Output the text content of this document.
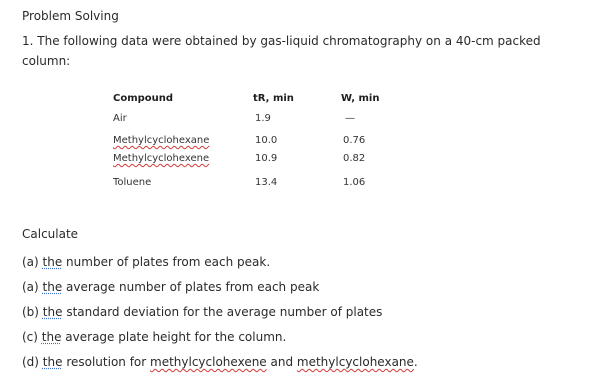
Problem Solving
1. The following data were obtained by gas-liquid chromatography on a 40-cm packed column:
Compound	tR, min	W, min
Air	1.9	—
Methylcyclohexane	10.0	0.76
Methylcyclohexene	10.9	0.82
Toluene	13.4	1.06
Calculate
(a) the number of plates from each peak.
(a) the average number of plates from each peak
(b) the standard deviation for the average number of plates
(c) the average plate height for the column.
(d) the resolution for methylcyclohexene and methylcyclohexane.
